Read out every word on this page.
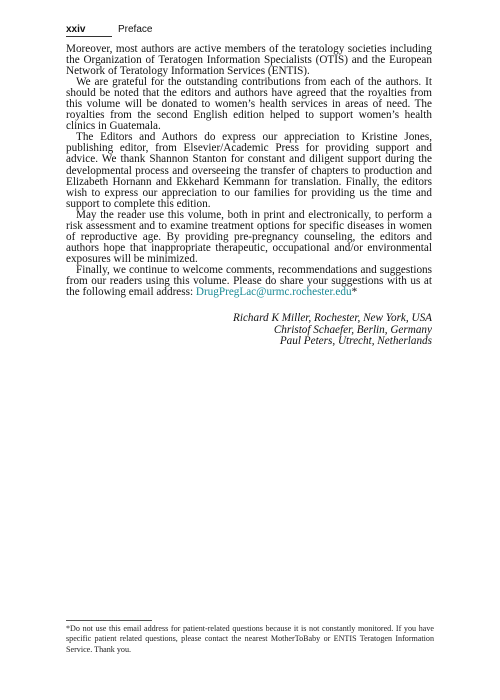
xxiv	Preface

Moreover, most authors are active members of the teratology societies including the Organization of Teratogen Information Specialists (OTIS) and the European Network of Teratology Information Services (ENTIS).

We are grateful for the outstanding contributions from each of the authors. It should be noted that the editors and authors have agreed that the royalties from this volume will be donated to women’s health services in areas of need. The royalties from the second English edition helped to support women’s health clinics in Guatemala.

The Editors and Authors do express our appreciation to Kristine Jones, publishing editor, from Elsevier/Academic Press for providing support and advice. We thank Shannon Stanton for constant and diligent support during the developmental process and overseeing the transfer of chapters to production and Elizabeth Hornann and Ekkehard Kemmann for translation. Finally, the editors wish to express our appreciation to our families for providing us the time and support to complete this edition.

May the reader use this volume, both in print and electronically, to perform a risk assessment and to examine treatment options for specific diseases in women of reproductive age. By providing pre-pregnancy counseling, the editors and authors hope that inappropriate therapeutic, occupational and/or environmental exposures will be minimized.

Finally, we continue to welcome comments, recommendations and suggestions from our readers using this volume. Please do share your suggestions with us at the following email address: DrugPregLac@urmc.rochester.edu*

Richard K Miller, Rochester, New York, USA
Christof Schaefer, Berlin, Germany
Paul Peters, Utrecht, Netherlands
*Do not use this email address for patient-related questions because it is not constantly monitored. If you have specific patient related questions, please contact the nearest MotherToBaby or ENTIS Teratogen Information Service. Thank you.
